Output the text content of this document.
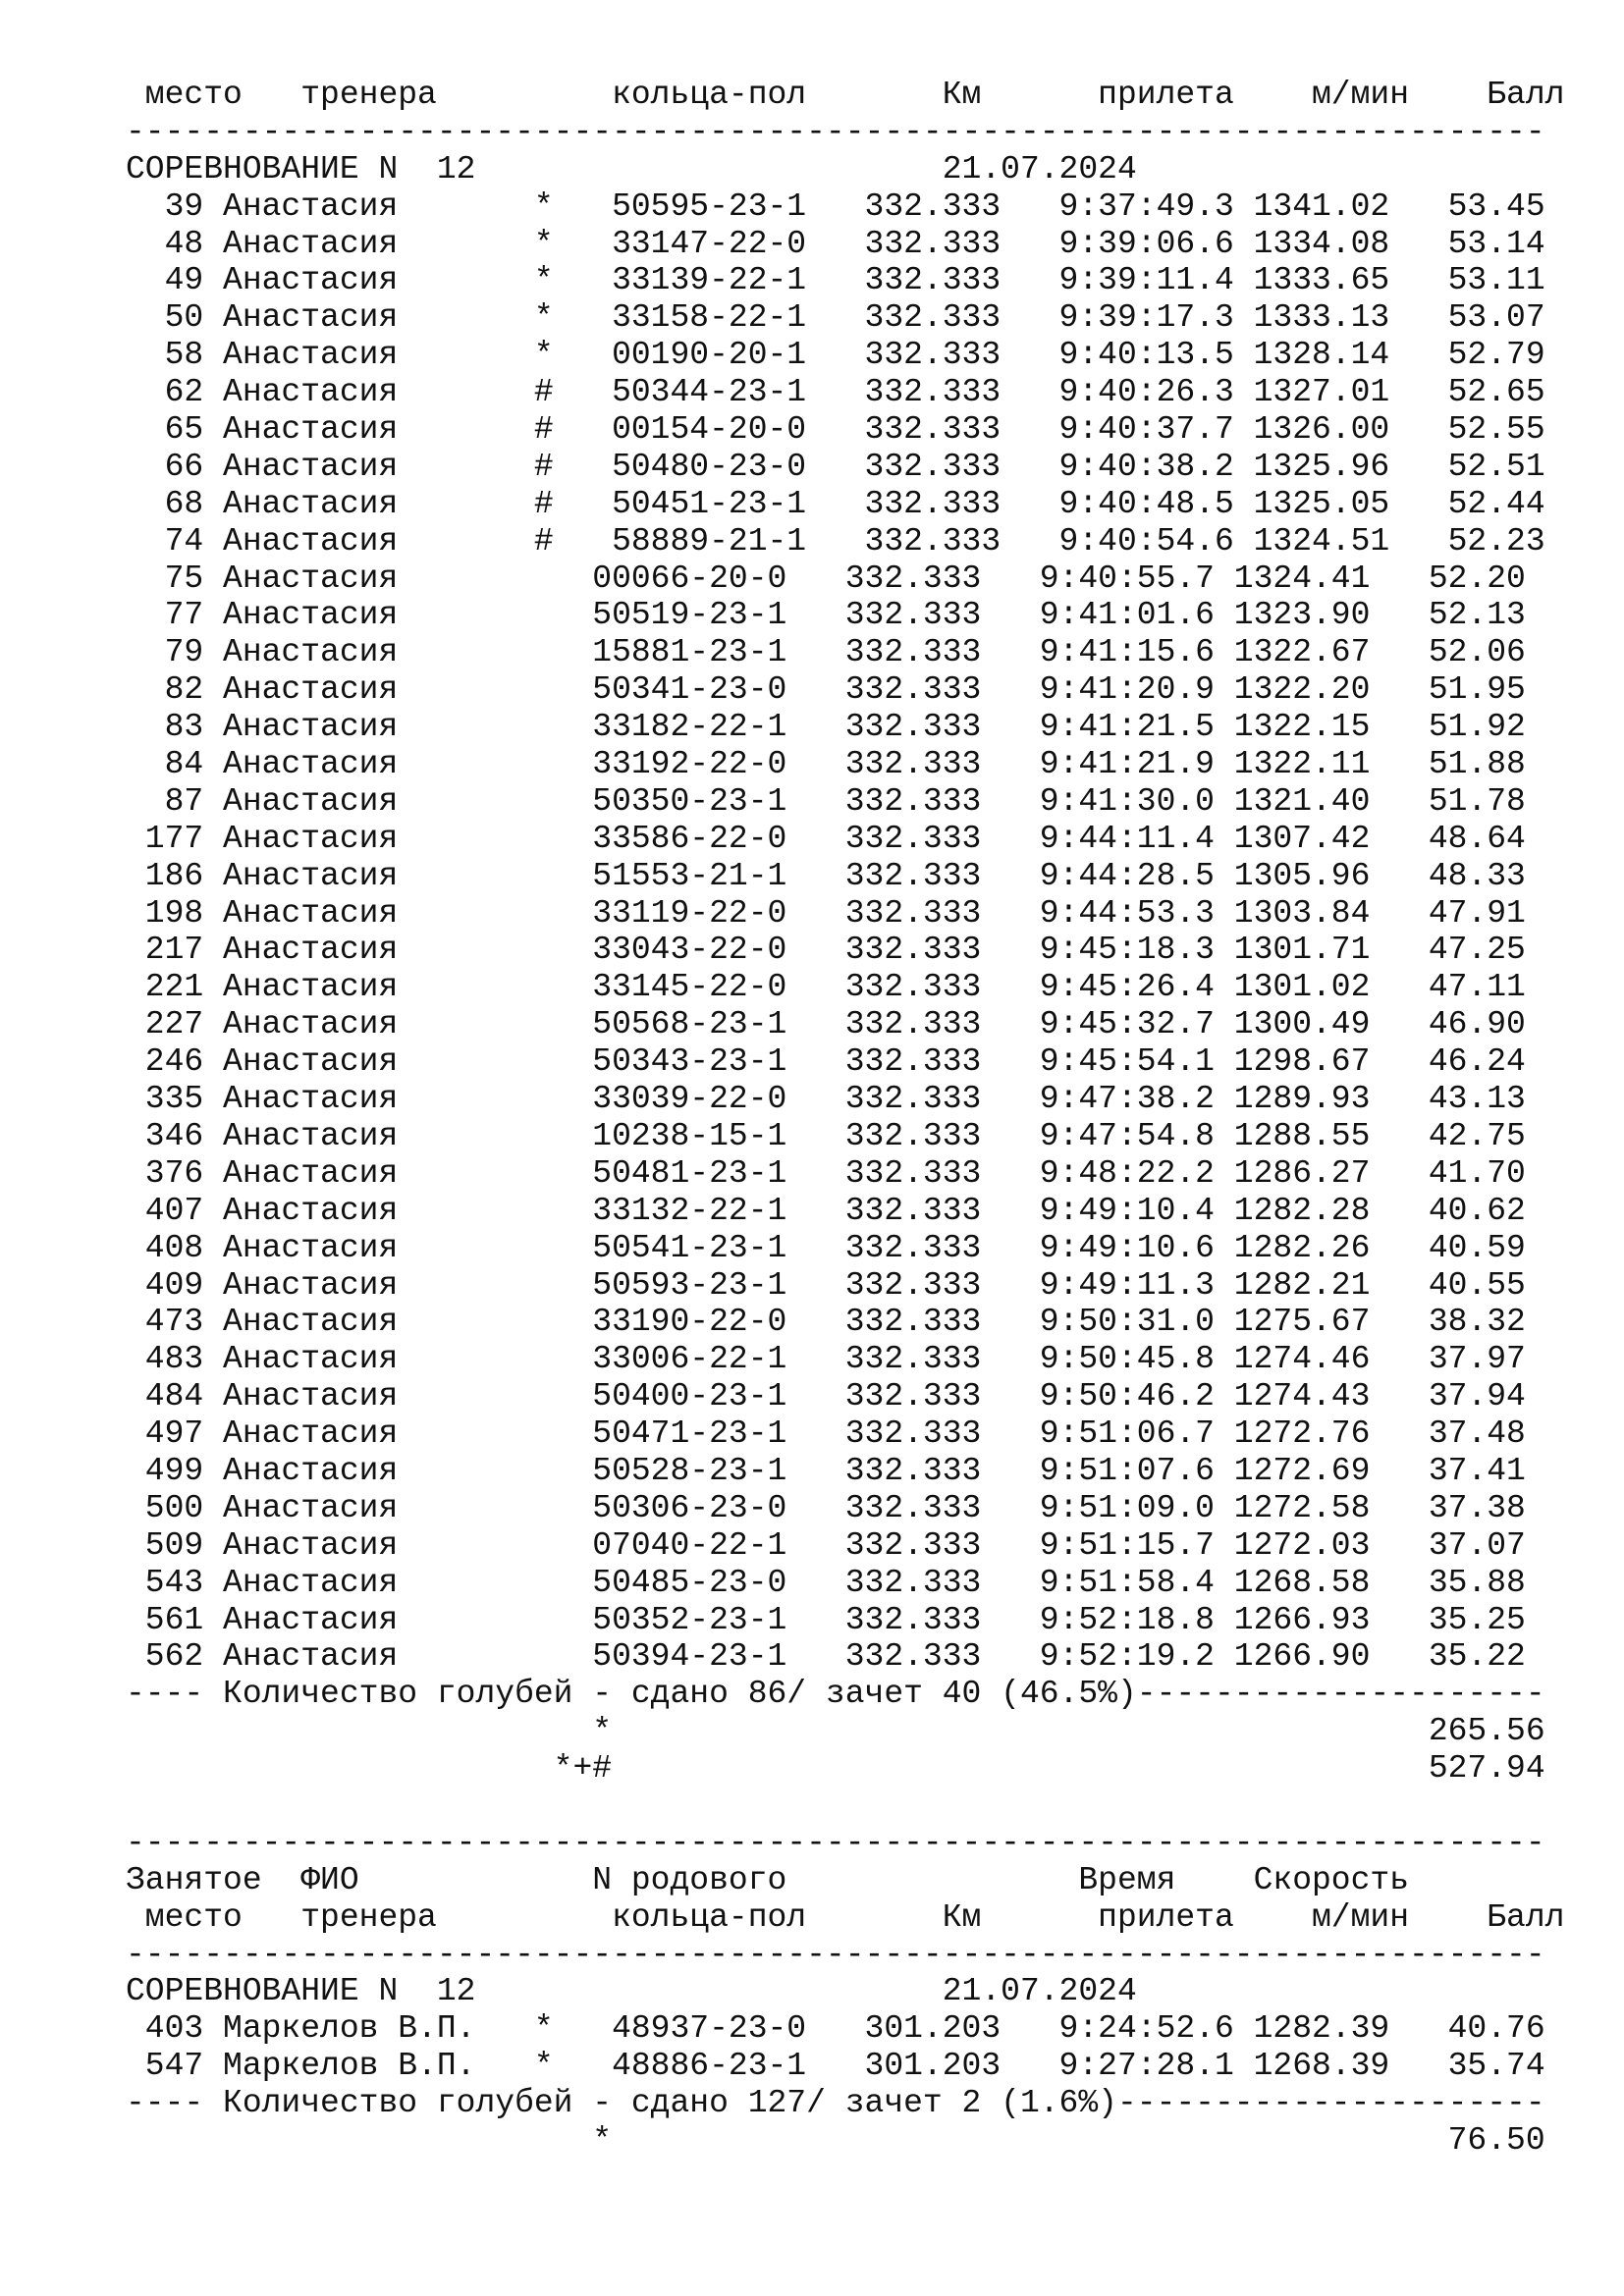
место   тренера         кольца-пол       Км      прилета    м/мин    Балл
-------------------------------------------------------------------------
СОРЕВНОВАНИЕ N  12                        21.07.2024
39 Анастасия       *   50595-23-1   332.333   9:37:49.3 1341.02   53.45
48 Анастасия       *   33147-22-0   332.333   9:39:06.6 1334.08   53.14
49 Анастасия       *   33139-22-1   332.333   9:39:11.4 1333.65   53.11
50 Анастасия       *   33158-22-1   332.333   9:39:17.3 1333.13   53.07
58 Анастасия       *   00190-20-1   332.333   9:40:13.5 1328.14   52.79
62 Анастасия       #   50344-23-1   332.333   9:40:26.3 1327.01   52.65
65 Анастасия       #   00154-20-0   332.333   9:40:37.7 1326.00   52.55
66 Анастасия       #   50480-23-0   332.333   9:40:38.2 1325.96   52.51
68 Анастасия       #   50451-23-1   332.333   9:40:48.5 1325.05   52.44
74 Анастасия       #   58889-21-1   332.333   9:40:54.6 1324.51   52.23
75 Анастасия          00066-20-0   332.333   9:40:55.7 1324.41   52.20
77 Анастасия          50519-23-1   332.333   9:41:01.6 1323.90   52.13
79 Анастасия          15881-23-1   332.333   9:41:15.6 1322.67   52.06
82 Анастасия          50341-23-0   332.333   9:41:20.9 1322.20   51.95
83 Анастасия          33182-22-1   332.333   9:41:21.5 1322.15   51.92
84 Анастасия          33192-22-0   332.333   9:41:21.9 1322.11   51.88
87 Анастасия          50350-23-1   332.333   9:41:30.0 1321.40   51.78
177 Анастасия          33586-22-0   332.333   9:44:11.4 1307.42   48.64
186 Анастасия          51553-21-1   332.333   9:44:28.5 1305.96   48.33
198 Анастасия          33119-22-0   332.333   9:44:53.3 1303.84   47.91
217 Анастасия          33043-22-0   332.333   9:45:18.3 1301.71   47.25
221 Анастасия          33145-22-0   332.333   9:45:26.4 1301.02   47.11
227 Анастасия          50568-23-1   332.333   9:45:32.7 1300.49   46.90
246 Анастасия          50343-23-1   332.333   9:45:54.1 1298.67   46.24
335 Анастасия          33039-22-0   332.333   9:47:38.2 1289.93   43.13
346 Анастасия          10238-15-1   332.333   9:47:54.8 1288.55   42.75
376 Анастасия          50481-23-1   332.333   9:48:22.2 1286.27   41.70
407 Анастасия          33132-22-1   332.333   9:49:10.4 1282.28   40.62
408 Анастасия          50541-23-1   332.333   9:49:10.6 1282.26   40.59
409 Анастасия          50593-23-1   332.333   9:49:11.3 1282.21   40.55
473 Анастасия          33190-22-0   332.333   9:50:31.0 1275.67   38.32
483 Анастасия          33006-22-1   332.333   9:50:45.8 1274.46   37.97
484 Анастасия          50400-23-1   332.333   9:50:46.2 1274.43   37.94
497 Анастасия          50471-23-1   332.333   9:51:06.7 1272.76   37.48
499 Анастасия          50528-23-1   332.333   9:51:07.6 1272.69   37.41
500 Анастасия          50306-23-0   332.333   9:51:09.0 1272.58   37.38
509 Анастасия          07040-22-1   332.333   9:51:15.7 1272.03   37.07
543 Анастасия          50485-23-0   332.333   9:51:58.4 1268.58   35.88
561 Анастасия          50352-23-1   332.333   9:52:18.8 1266.93   35.25
562 Анастасия          50394-23-1   332.333   9:52:19.2 1266.90   35.22
---- Количество голубей - сдано 86/ зачет 40 (46.5%)---------------------
*                                          265.56
*+#                                          527.94
-------------------------------------------------------------------------
Занятое  ФИО            N родового               Время    Скорость
место   тренера         кольца-пол       Км      прилета    м/мин    Балл
-------------------------------------------------------------------------
СОРЕВНОВАНИЕ N  12                        21.07.2024
403 Маркелов В.П.   *   48937-23-0   301.203   9:24:52.6 1282.39   40.76
547 Маркелов В.П.   *   48886-23-1   301.203   9:27:28.1 1268.39   35.74
---- Количество голубей - сдано 127/ зачет 2 (1.6%)----------------------
*                                           76.50
